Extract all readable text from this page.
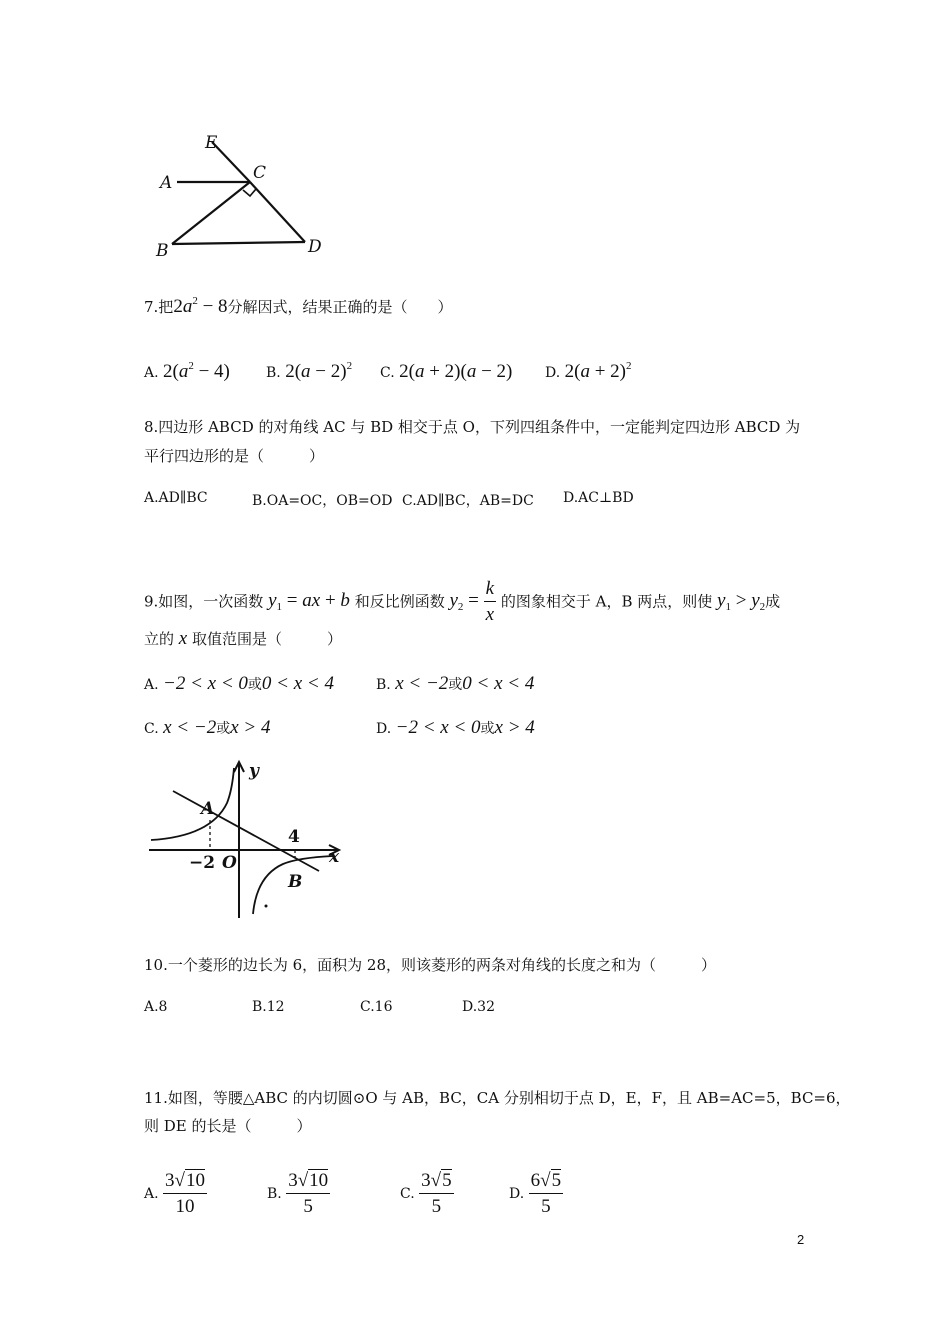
E
A	C
B	D
7.把$2a^2 - 8$分解因式，结果正确的是（　　）
A. $2(a^2 - 4)$	B. $2(a - 2)^2$ C. 2(a + 2)(a − 2) D. $2(a + 2)^2$
8.四边形 ABCD 的对角线 AC 与 BD 相交于点 O，下列四组条件中，一定能判定四边形 ABCD 为
平行四边形的是（　　　）
A.AD∥BC	B.OA=OC，OB=OD C.AD∥BC，AB=DC D.AC⊥BD
9.如图，一次函数 $y_1$ = ax + b 和反比例函数 $y_2 = \frac{k}{x}$ 的图象相交于 A，B 两点，则使 $y_1 > y_2$成
立的 x 取值范围是（　　　）
A. −2 < x < 0或0 < x < 4	B. x < −2或0 < x < 4
C. x < −2或x > 4	D. −2 < x < 0或x > 4
y
x
A
B
O
−2
4
10.一个菱形的边长为 6，面积为 28，则该菱形的两条对角线的长度之和为（　　　）
A.8	B.12	C.16	D.32
11.如图，等腰△ABC 的内切圆⊙O 与 AB，BC，CA 分别相切于点 D，E，F，且 AB=AC=5，BC=6，
则 DE 的长是（　　　）
A. $\frac{3√10}{10}$	B. $\frac{3√10}{5}$	C. $\frac{3√5}{5}$	D. $\frac{6√5}{5}$
2
